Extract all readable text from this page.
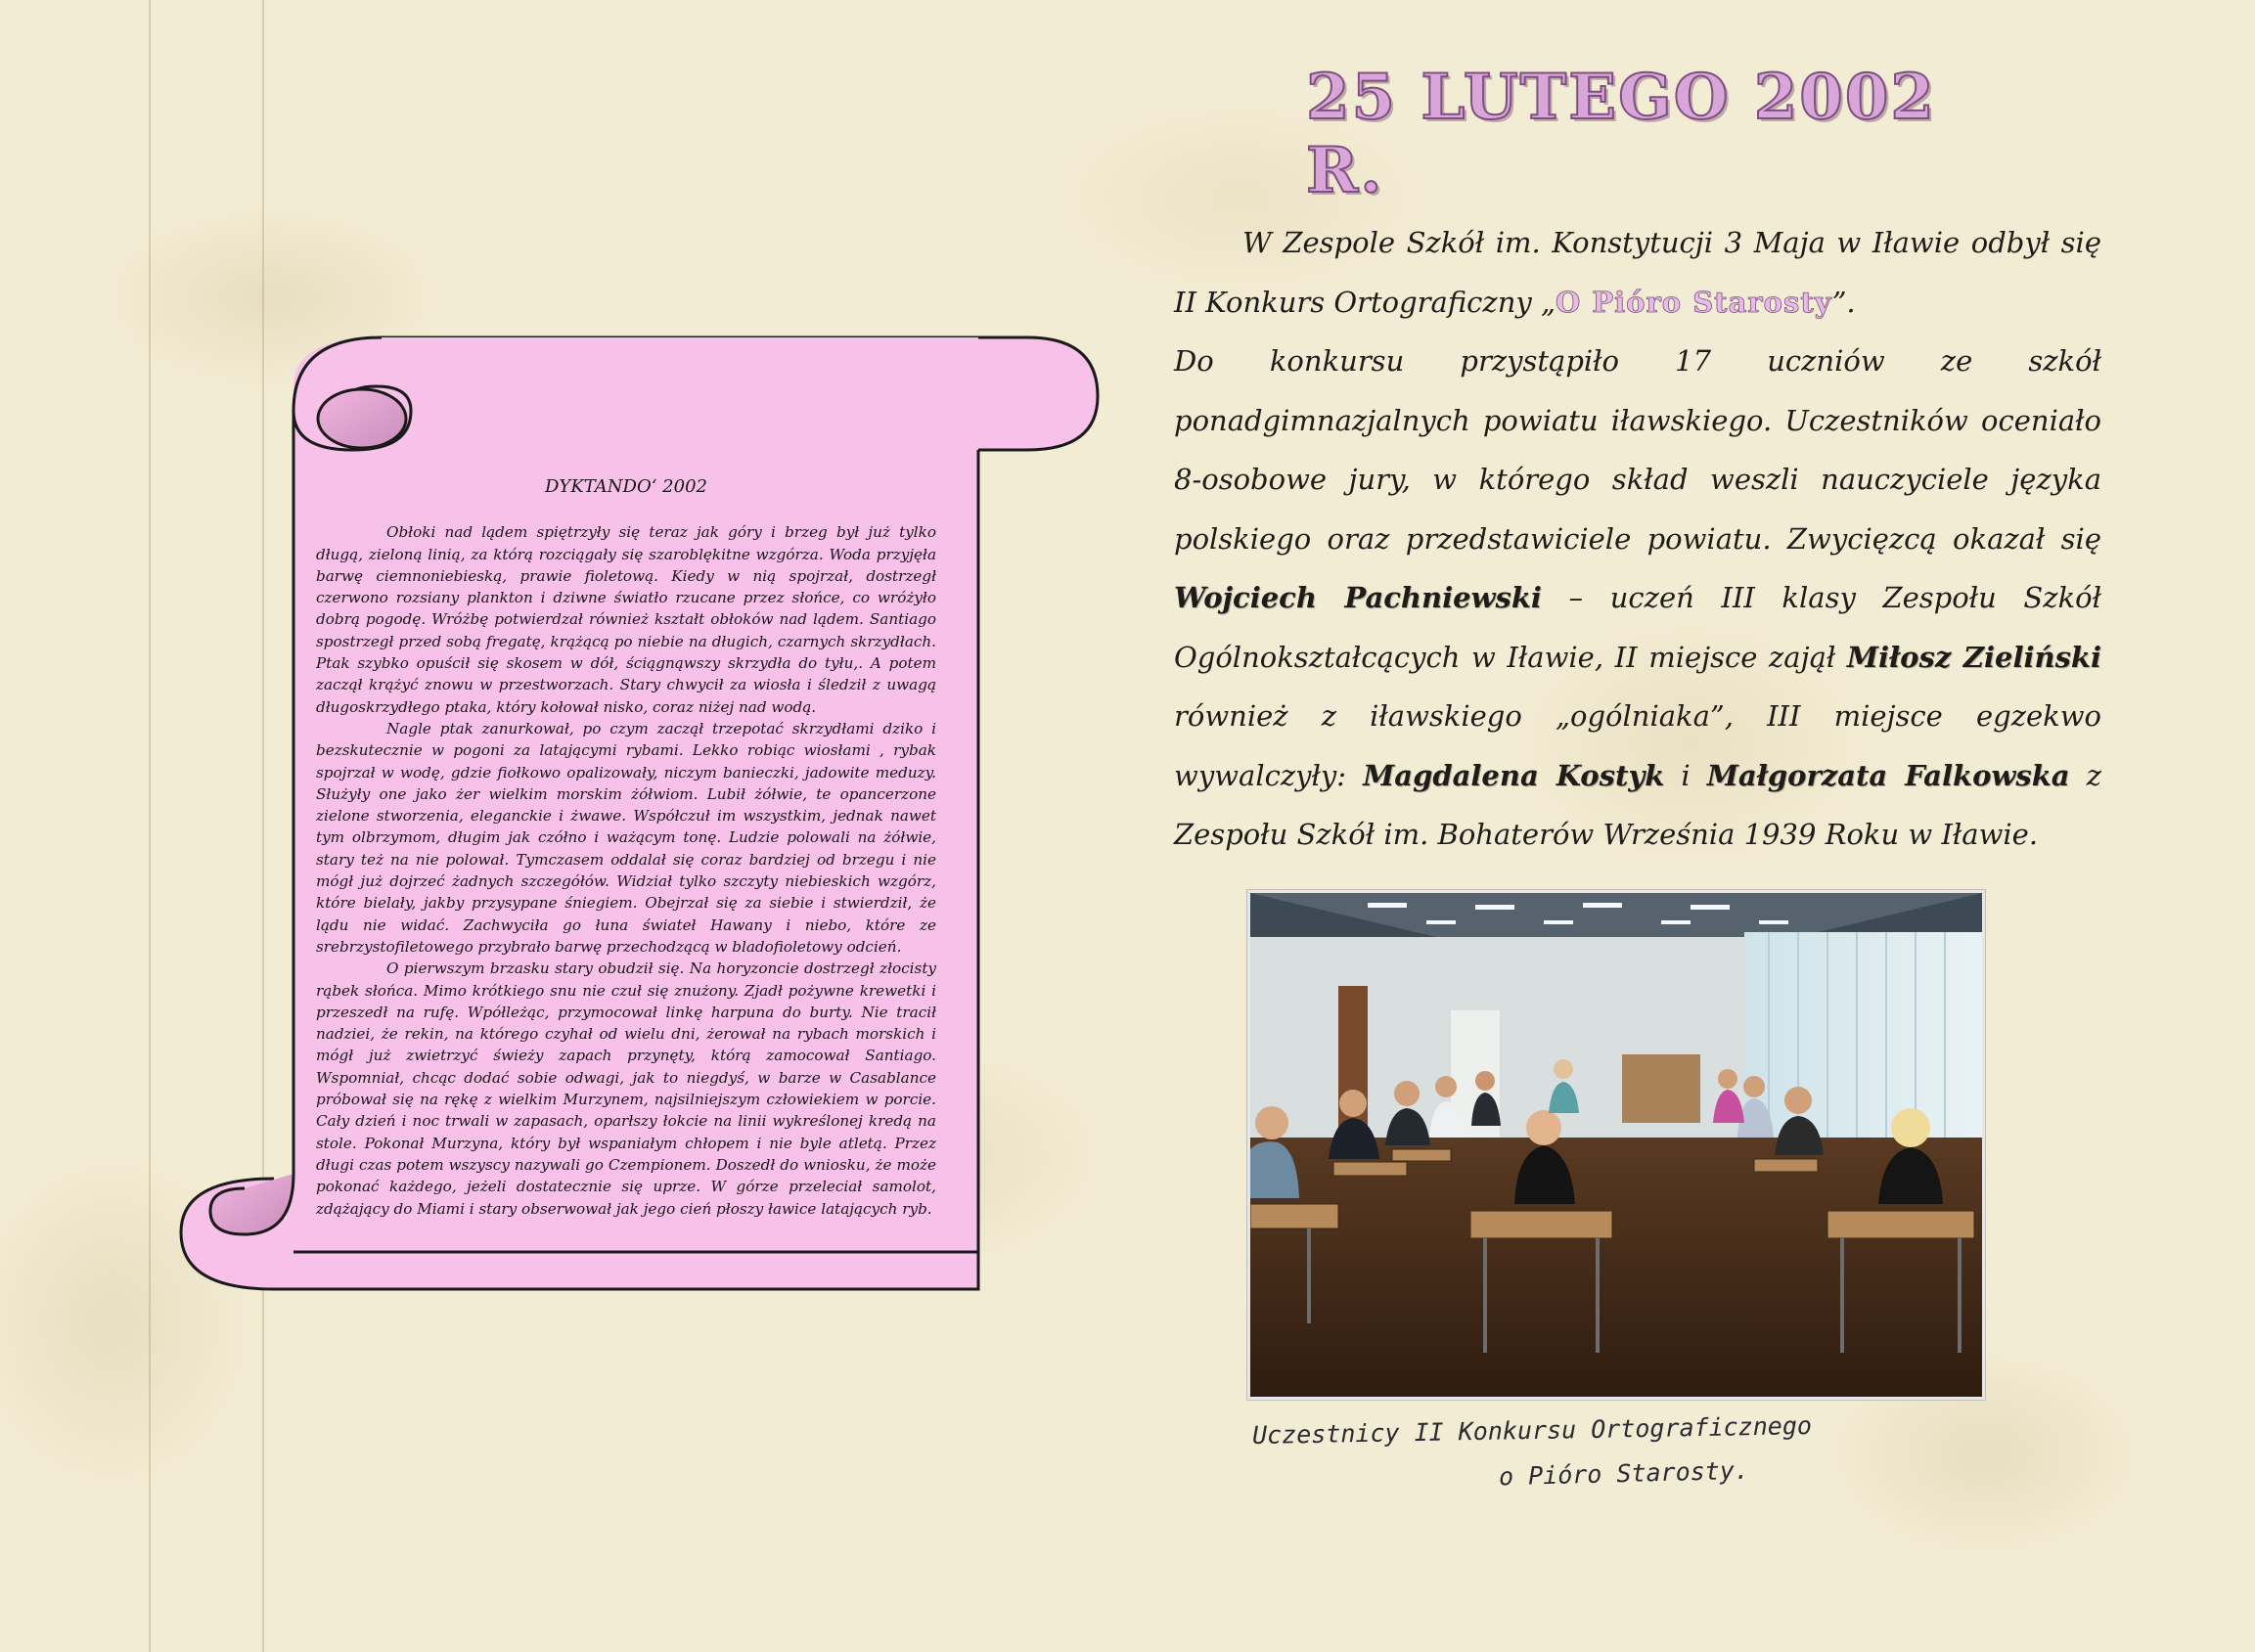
25 LUTEGO 2002 R.

W Zespole Szkół im. Konstytucji 3 Maja w Iławie odbył się II Konkurs Ortograficzny „O Pióro Starosty”.

Do konkursu przystąpiło 17 uczniów ze szkół ponadgimnazjalnych powiatu iławskiego. Uczestników oceniało 8-osobowe jury, w którego skład weszli nauczyciele języka polskiego oraz przedstawiciele powiatu. Zwycięzcą okazał się Wojciech Pachniewski – uczeń III klasy Zespołu Szkół Ogólnokształcących w Iławie, II miejsce zajął Miłosz Zieliński również z iławskiego „ogólniaka”, III miejsce egzekwo wywalczyły: Magdalena Kostyk i Małgorzata Falkowska z Zespołu Szkół im. Bohaterów Września 1939 Roku w Iławie.

DYKTANDO‘ 2002

Obłoki nad lądem spiętrzyły się teraz jak góry i brzeg był już tylko długą, zieloną linią, za którą rozciągały się szaroblękitne wzgórza. Woda przyjęła barwę ciemnoniebieską, prawie fioletową. Kiedy w nią spojrzał, dostrzegł czerwono rozsiany plankton i dziwne światło rzucane przez słońce, co wróżyło dobrą pogodę. Wróżbę potwierdzał również kształt obłoków nad lądem. Santiago spostrzegł przed sobą fregatę, krążącą po niebie na długich, czarnych skrzydłach. Ptak szybko opuścił się skosem w dół, ściągnąwszy skrzydła do tyłu,. A potem zaczął krążyć znowu w przestworzach. Stary chwycił za wiosła i śledził z uwagą długoskrzydłego ptaka, który kołował nisko, coraz niżej nad wodą.

Nagle ptak zanurkował, po czym zaczął trzepotać skrzydłami dziko i bezskutecznie w pogoni za latającymi rybami. Lekko robiąc wiosłami , rybak spojrzał w wodę, gdzie fiołkowo opalizowały, niczym banieczki, jadowite meduzy. Służyły one jako żer wielkim morskim żółwiom. Lubił żółwie, te opancerzone zielone stworzenia, eleganckie i żwawe. Współczuł im wszystkim, jednak nawet tym olbrzymom, długim jak czółno i ważącym tonę. Ludzie polowali na żółwie, stary też na nie polował. Tymczasem oddalał się coraz bardziej od brzegu i nie mógł już dojrzeć żadnych szczegółów. Widział tylko szczyty niebieskich wzgórz, które bielały, jakby przysypane śniegiem. Obejrzał się za siebie i stwierdził, że lądu nie widać. Zachwyciła go łuna świateł Hawany i niebo, które ze srebrzystofiletowego przybrało barwę przechodzącą w bladofioletowy odcień.

O pierwszym brzasku stary obudził się. Na horyzoncie dostrzegł złocisty rąbek słońca. Mimo krótkiego snu nie czuł się znużony. Zjadł pożywne krewetki i przeszedł na rufę. Wpółleżąc, przymocował linkę harpuna do burty. Nie tracił nadziei, że rekin, na którego czyhał od wielu dni, żerował na rybach morskich i mógł już zwietrzyć świeży zapach przynęty, którą zamocował Santiago. Wspomniał, chcąc dodać sobie odwagi, jak to niegdyś, w barze w Casablance próbował się na rękę z wielkim Murzynem, najsilniejszym człowiekiem w porcie. Cały dzień i noc trwali w zapasach, oparłszy łokcie na linii wykreślonej kredą na stole. Pokonał Murzyna, który był wspaniałym chłopem i nie byle atletą. Przez długi czas potem wszyscy nazywali go Czempionem. Doszedł do wniosku, że może pokonać każdego, jeżeli dostatecznie się uprze. W górze przeleciał samolot, zdążający do Miami i stary obserwował jak jego cień płoszy ławice latających ryb.

Uczestnicy II Konkursu Ortograficznego
o Pióro Starosty.
